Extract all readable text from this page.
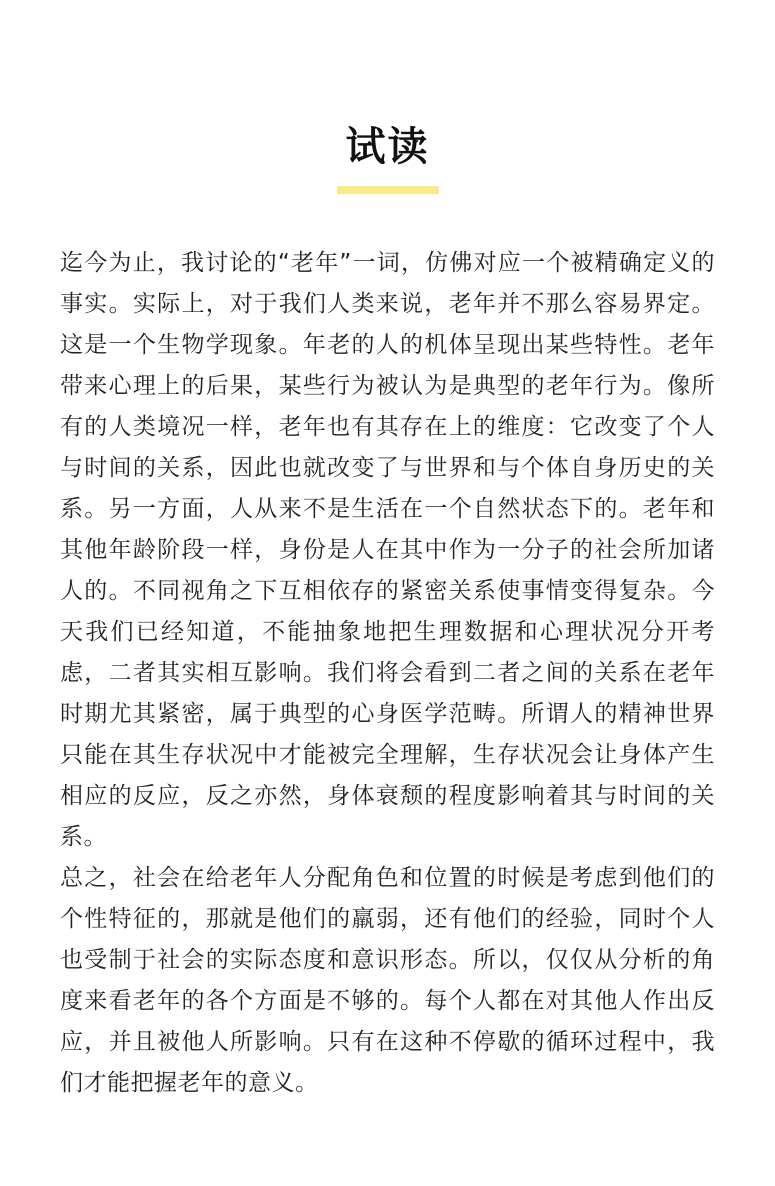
试读

迄今为止，我讨论的“老年”一词，仿佛对应一个被精确定义的事实。实际上，对于我们人类来说，老年并不那么容易界定。这是一个生物学现象。年老的人的机体呈现出某些特性。老年带来心理上的后果，某些行为被认为是典型的老年行为。像所有的人类境况一样，老年也有其存在上的维度：它改变了个人与时间的关系，因此也就改变了与世界和与个体自身历史的关系。另一方面，人从来不是生活在一个自然状态下的。老年和其他年龄阶段一样，身份是人在其中作为一分子的社会所加诸人的。不同视角之下互相依存的紧密关系使事情变得复杂。今天我们已经知道，不能抽象地把生理数据和心理状况分开考虑，二者其实相互影响。我们将会看到二者之间的关系在老年时期尤其紧密，属于典型的心身医学范畴。所谓人的精神世界只能在其生存状况中才能被完全理解，生存状况会让身体产生相应的反应，反之亦然，身体衰颓的程度影响着其与时间的关系。

总之，社会在给老年人分配角色和位置的时候是考虑到他们的个性特征的，那就是他们的羸弱，还有他们的经验，同时个人也受制于社会的实际态度和意识形态。所以，仅仅从分析的角度来看老年的各个方面是不够的。每个人都在对其他人作出反应，并且被他人所影响。只有在这种不停歇的循环过程中，我们才能把握老年的意义。
